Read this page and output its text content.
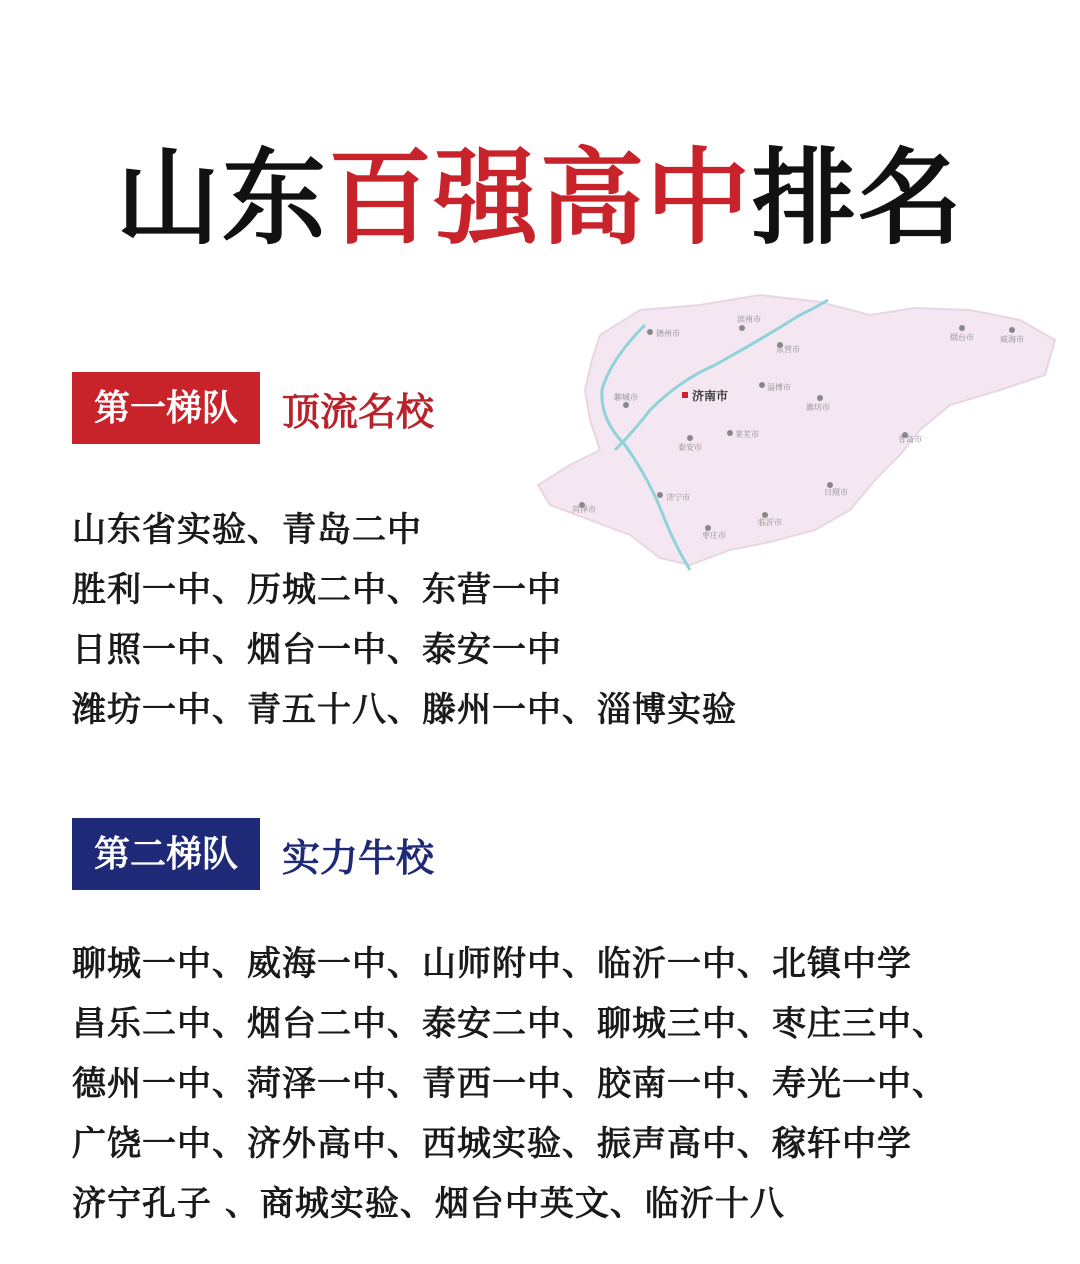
山东百强高中排名
德州市
滨州市
东营市
烟台市	威海市
聊城市
淄博市
潍坊市
青岛市
泰安市
莱芜市
济宁市
菏泽市
日照市
临沂市
枣庄市
济南市
第一梯队	顶流名校
山东省实验、青岛二中
胜利一中、历城二中、东营一中
日照一中、烟台一中、泰安一中
潍坊一中、青五十八、滕州一中、淄博实验
第二梯队	实力牛校
聊城一中、威海一中、山师附中、临沂一中、北镇中学
昌乐二中、烟台二中、泰安二中、聊城三中、枣庄三中、
德州一中、菏泽一中、青西一中、胶南一中、寿光一中、
广饶一中、济外高中、西城实验、振声高中、稼轩中学
济宁孔子 、商城实验、烟台中英文、临沂十八
